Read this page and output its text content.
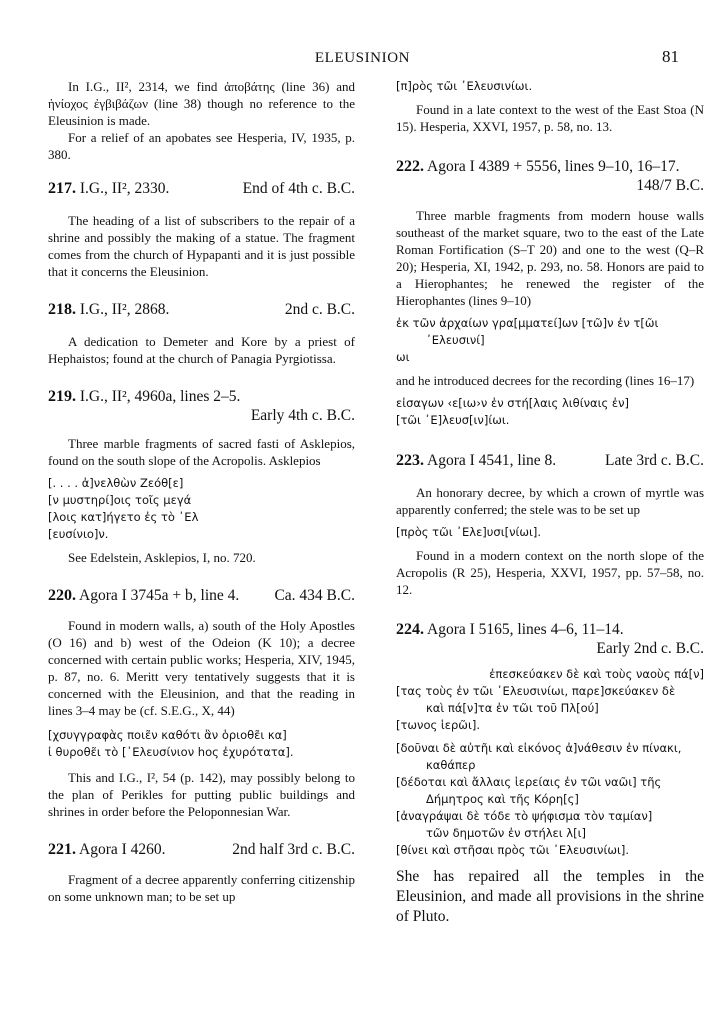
ELEUSINION	81

In I.G., II², 2314, we find ἀποβάτης (line 36) and ἡνίοχος ἐγβιβάζων (line 38) though no reference to the Eleusinion is made.

For a relief of an apobates see Hesperia, IV, 1935, p. 380.

217. I.G., II², 2330.	End of 4th c. B.C.

The heading of a list of subscribers to the repair of a shrine and possibly the making of a statue. The fragment comes from the church of Hypapanti and it is just possible that it concerns the Eleusinion.

218. I.G., II², 2868.	2nd c. B.C.

A dedication to Demeter and Kore by a priest of Hephaistos; found at the church of Panagia Pyrgiotissa.

219. I.G., II², 4960a, lines 2–5.
Early 4th c. B.C.

Three marble fragments of sacred fasti of Asklepios, found on the south slope of the Acropolis. Asklepios

[. . . . ἀ]νελθὼν Ζεόθ[ε]
[ν μυστηρί]οις τοῖς μεγά
[λοις κατ]ήγετο ἐς τὸ ᾿Ελ
[ευσίνιο]ν.

See Edelstein, Asklepios, I, no. 720.

220. Agora I 3745a + b, line 4. Ca. 434 B.C.

Found in modern walls, a) south of the Holy Apostles (O 16) and b) west of the Odeion (K 10); a decree concerned with certain public works; Hesperia, XIV, 1945, p. 87, no. 6. Meritt very tentatively suggests that it is concerned with the Eleusinion, and that the reading in lines 3–4 may be (cf. S.E.G., X, 44)

[χσυγγραφὰς ποιε̃ν καθότι ἂν ὁριοθε̃ι κα]
ἰ θυροθε̃ι τὸ [᾿Ελευσίνιον hος ἐχυρότατα].

This and I.G., I², 54 (p. 142), may possibly belong to the plan of Perikles for putting public buildings and shrines in order before the Peloponnesian War.

221. Agora I 4260.	2nd half 3rd c. B.C.

Fragment of a decree apparently conferring citizenship on some unknown man; to be set up

[π]ρὸς τῶι ᾿Ελευσινίωι.

Found in a late context to the west of the East Stoa (N 15). Hesperia, XXVI, 1957, p. 58, no. 13.

222. Agora I 4389 + 5556, lines 9–10, 16–17.
148/7 B.C.

Three marble fragments from modern house walls southeast of the market square, two to the east of the Late Roman Fortification (S–T 20) and one to the west (Q–R 20); Hesperia, XI, 1942, p. 293, no. 58. Honors are paid to a Hierophantes; he renewed the register of the Hierophantes (lines 9–10)

ἐκ τῶν ἀρχαίων γρα[μματεί]ων [τῶ]ν ἐν τ[ῶι
᾿Ελευσινί]
ωι

and he introduced decrees for the recording (lines 16–17)

εἰσαγων ‹ε[ιω›ν ἐν στή[λαις λιθίναις ἐν]
[τῶι ᾿Ε]λευσ[ιν]ίωι.
223. Agora I 4541, line 8.	Late 3rd c. B.C.

An honorary decree, by which a crown of myrtle was apparently conferred; the stele was to be set up

[πρὸς τῶι ᾿Ελε]υσι[νίωι].

Found in a modern context on the north slope of the Acropolis (R 25), Hesperia, XXVI, 1957, pp. 57–58, no. 12.

224. Agora I 5165, lines 4–6, 11–14.
Early 2nd c. B.C.
ἐπεσκεύακεν δὲ καὶ τοὺς ναοὺς πά[ν]
[τας τοὺς ἐν τῶι ᾿Ελευσινίωι, παρε]σκεύακεν δὲ
καὶ πά[ν]τα ἐν τῶι τοῦ Πλ[ού]
[τωνος ἱερῶι].
[δοῦναι δὲ αὐτῆι καὶ εἰκόνος ἀ]νάθεσιν ἐν πίνακι,
καθάπερ
[δέδοται καὶ ἄλλαις ἱερείαις ἐν τῶι ναῶι] τῆς
Δήμητρος καὶ τῆς Κόρη[ς]
[ἀναγράψαι δὲ τόδε τὸ ψήφισμα τὸν ταμίαν]
τῶν δημοτῶν ἐν στήλει λ[ι]
[θίνει καὶ στῆσαι πρὸς τῶι ᾿Ελευσινίωι].

She has repaired all the temples in the Eleusinion, and made all provisions in the shrine of Pluto.
